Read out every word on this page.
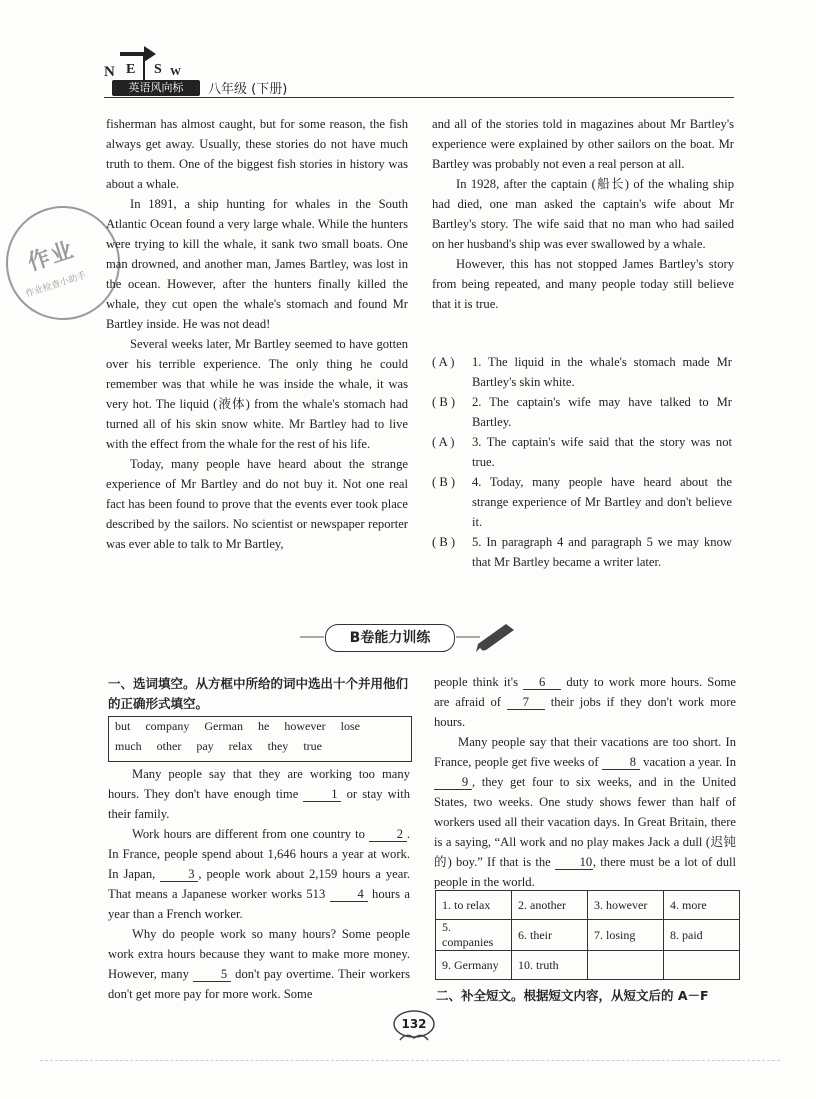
N E S W
英语风向标	八年级 (下册)
作业
作业检查小助手

fisherman has almost caught, but for some reason, the fish always get away. Usually, these stories do not have much truth to them. One of the biggest fish stories in history was about a whale.

In 1891, a ship hunting for whales in the South Atlantic Ocean found a very large whale. While the hunters were trying to kill the whale, it sank two small boats. One man drowned, and another man, James Bartley, was lost in the ocean. However, after the hunters finally killed the whale, they cut open the whale's stomach and found Mr Bartley inside. He was not dead!

Several weeks later, Mr Bartley seemed to have gotten over his terrible experience. The only thing he could remember was that while he was inside the whale, it was very hot. The liquid (液体) from the whale's stomach had turned all of his skin snow white. Mr Bartley had to live with the effect from the whale for the rest of his life.

Today, many people have heard about the strange experience of Mr Bartley and do not buy it. Not one real fact has been found to prove that the events ever took place described by the sailors. No scientist or newspaper reporter was ever able to talk to Mr Bartley,

and all of the stories told in magazines about Mr Bartley's experience were explained by other sailors on the boat. Mr Bartley was probably not even a real person at all.

In 1928, after the captain (船长) of the whaling ship had died, one man asked the captain's wife about Mr Bartley's story. The wife said that no man who had sailed on her husband's ship was ever swallowed by a whale.

However, this has not stopped James Bartley's story from being repeated, and many people today still believe that it is true.

( A ) 1. The liquid in the whale's stomach made Mr Bartley's skin white.
( B ) 2. The captain's wife may have talked to Mr Bartley.
( A ) 3. The captain's wife said that the story was not true.
( B ) 4. Today, many people have heard about the strange experience of Mr Bartley and don't believe it.
( B ) 5. In paragraph 4 and paragraph 5 we may know that Mr Bartley became a writer later.
B卷能力训练
一、选词填空。从方框中所给的词中选出十个并用他们的正确形式填空。
but company German he however lose
much other pay relax they true

Many people say that they are working too many hours. They don't have enough time	1 or stay with their family.

Work hours are different from one country to	2 . In France, people spend about 1,646 hours a year at work. In Japan,	3 , people work about 2,159 hours a year. That means a Japanese worker works 513	4 hours a year than a French worker.

Why do people work so many hours? Some people work extra hours because they want to make more money. However, many	5 don't pay overtime. Their workers don't get more pay for more work. Some

people think it's 6 duty to work more hours. Some are afraid of 7 their jobs if they don't work more hours.

Many people say that their vacations are too short. In France, people get five weeks of 8 vacation a year. In 9 , they get four to six weeks, and in the United States, two weeks. One study shows fewer than half of workers used all their vacation days. In Great Britain, there is a saying, “All work and no play makes Jack a dull (迟钝的) boy.” If that is the 10, there must be a lot of dull people in the world.

1. to relax	2. another	3. however	4. more
5. companies	6. their	7. losing	8. paid
9. Germany	10. truth		
二、补全短文。根据短文内容，从短文后的 A－F
132
